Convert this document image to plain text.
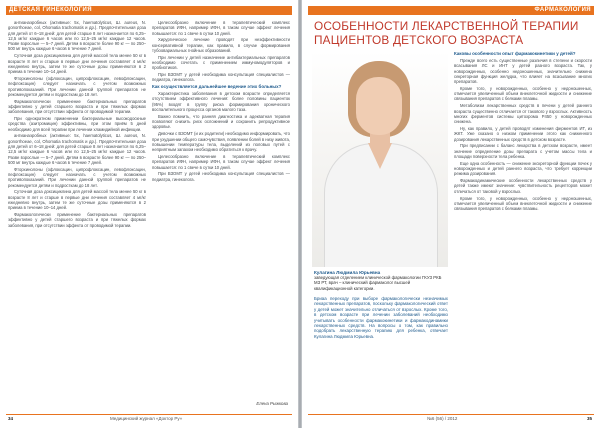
ДЕТСКАЯ ГИНЕКОЛОГИЯ

антианаэробных (активные: 5х, haematolyticus, Ш. aureus, N. gonorrhoeae, col, Ohomatia trachomatis и др.). Предпочтительная доза для детей от 6–18 дней: для детей старше 8 лет назначается по 6,25–12,5 мг/кг каждые 6 часов или по 12,5–25 мг/кг каждые 12 часов. Разве взрослые — 5–7 дней. Детям в возрасте более 90 кг — по 250–500 мг внутрь каждые 6 часов в течение 7 дней.

Суточная доза доксициклина для детей массой тела менее 50 кг в возрасте 8 лет и старше в первые дни лечения составляет 4 мг/кг ежедневно внутрь, затем те же суточные дозы применяются в 2 приема в течение 10–14 дней.

Фторхинолоны (офлоксацин, ципрофлоксацин, левофлоксацин, пефлоксацин) следует назначать с учетом возможных противопоказаний. При лечении данной группой препаратов не рекомендуется детям и подросткам до 18 лет.

Фармакологически применение бактериальных препаратов эффективно у детей старшего возраста и при тяжелых формах заболевания, при отсутствии эффекта от проводимой терапии.

При однократном применении бактериальные высокодоскные средства (азитромицин) эффективны, при этом приём 5 дней необходимо для всей терапии при лечении хламидийной инфекции.

антианаэробных (активные: 5х, haematolyticus, Ш. aureus, N. gonorrhoeae, col, Ohomatia trachomatis и др.). Предпочтительная доза для детей от 6–18 дней: для детей старше 8 лет назначается по 6,25–12,5 мг/кг каждые 6 часов или по 12,5–25 мг/кг каждые 12 часов. Разве взрослые — 5–7 дней. Детям в возрасте более 90 кг — по 250–500 мг внутрь каждые 6 часов в течение 7 дней.

Фторхинолоны (офлоксацин, ципрофлоксацин, левофлоксацин, пефлоксацин) следует назначать с учетом возможных противопоказаний. При лечении данной группой препаратов не рекомендуется детям и подросткам до 18 лет.

Суточная доза доксициклина для детей массой тела менее 50 кг в возрасте 8 лет и старше в первые дни лечения составляет 4 мг/кг ежедневно внутрь, затем те же суточные дозы применяются в 2 приема в течение 10–14 дней.

Фармакологически применение бактериальных препаратов эффективно у детей старшего возраста и при тяжелых формах заболевания, при отсутствии эффекта от проводимой терапии.

Целесообразно включение в терапевтический комплекс препаратов ИФН, например ИФН, в таком случае эффект лечения повышается: по 1 свече в сутки 10 дней.

Хирургическое лечение проводят при неэффективности консервативной терапии, как правило, в случае формирования тубоовариальных гнойных образований.

При лечении у детей назначение антибактериальных препаратов необходимо сочетать с применением иммуномодуляторов и пробиотиков.

При ВЗОМТ у детей необходима консультация специалистов — педиатра, гинеколога.

Как осуществляется дальнейшее ведение этих больных?

Характеристика заболевания в детском возрасте определяется отсутствием эффективного лечения: более половины пациенток (95%) входят в группу риска формирования хронического воспалительного процесса органов малого таза.

Важно помнить, что ранняя диагностика и адекватная терапия позволяют снизить риск осложнений и сохранить репродуктивное здоровье.

Девочки с ВЗОМТ (и их родители) необходимо информировать, что при ухудшении общего самочувствия, появлении болей в низу живота, повышении температуры тела, выделений из половых путей с неприятным запахом необходимо обратиться к врачу.

Целесообразно включение в терапевтический комплекс препаратов ИФН, например ИФН, в таком случае эффект лечения повышается: по 1 свече в сутки 10 дней.

При ВЗОМТ у детей необходима консультация специалистов — педиатра, гинеколога.

Елена Рыжкова
34	Медицинский журнал «Доктор Ру»
ФАРМАКОЛОГИЯ
ОСОБЕННОСТИ ЛЕКАРСТВЕННОЙ ТЕРАПИИ ПАЦИЕНТОВ ДЕТСКОГО ВОЗРАСТА
Кулагина Людмила Юрьевна
заведующая отделением клинической фармакологии ГКУЗ РКБ МЗ РТ, врач – клинический фармаколог высшей квалификационной категории.
Бриаа переходу при выборе фармакологически незначимых лекарственных препаратов, поскольку фармакологический ответ у детей может значительно отличаться от взрослых. Кроме того, в детском возрасте при лечении заболеваний необходимо учитывать особенности фармакокинетики и фармакодинамики лекарственных средств. На вопросы о том, как правильно подобрать лекарственную терапию для ребенка, отвечает Кулагина Людмила Юрьевна.

Каковы особенности опыт фармакокинетики у детей?

Прежде всего есть существенные различия в степени и скорости всасывания ЛС и ИНТ у детей разного возраста. Так, у новорожденных, особенно недоношенных, значительно снижена секреторная функция желудка, что влияет на всасывание многих препаратов.

Кроме того, у новорожденных, особенно у недоношенных, отмечается увеличенный объем внеклеточной жидкости и снижение связывания препаратов с белками плазмы.

Метаболизм лекарственных средств в печени у детей раннего возраста существенно отличается от такового у взрослых. Активность многих ферментов системы цитохрома Р450 у новорожденных снижена.

Ну, как правило, у детей проводят изменения ферментов ИТ, из ЖКТ. Уже сказано о низком применении этого как сниженного дозирования лекарственных средств в детском возрасте.

При предписании с баланс лекарства в детском возрасте, имеет значение определение дозы препарата с учетом массы тела и площади поверхности тела ребенка.

Еще одна особенность — снижение экскреторной функции почек у новорожденных и детей раннего возраста, что требует коррекции режима дозирования.

Фармакодинамические особенности лекарственных средств у детей также имеют значение: чувствительность рецепторов может отличаться от таковой у взрослых.

Кроме того, у новорожденных, особенно у недоношенных, отмечается увеличенный объем внеклеточной жидкости и снижение связывания препаратов с белками плазмы.

№6 (56) / 2012	35
